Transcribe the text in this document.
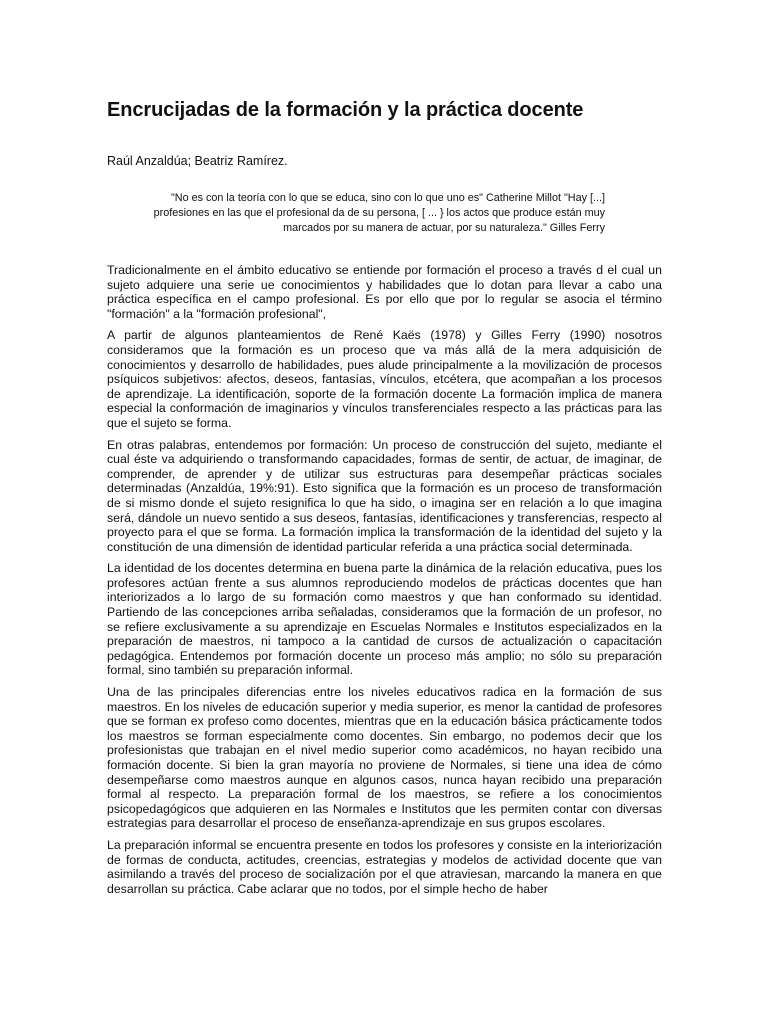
Encrucijadas de la formación y la práctica docente

Raúl Anzaldúa; Beatriz Ramírez.

"No es con la teoría con lo que se educa, sino con lo que uno es" Catherine Millot "Hay [...] profesiones en las que el profesional da de su persona, [ ... } los actos que produce están muy marcados por su manera de actuar, por su naturaleza." Gilles Ferry

Tradicionalmente en el ámbito educativo se entiende por formación el proceso a través d el cual un sujeto adquiere una serie ue conocimientos y habilidades que lo dotan para llevar a cabo una práctica específica en el campo profesional. Es por ello que por lo regular se asocia el término "formación" a la "formación profesional",

A partir de algunos planteamientos de René Kaës (1978) y Gilles Ferry (1990) nosotros consideramos que la formación es un proceso que va más allá de la mera adquisición de conocimientos y desarrollo de habilidades, pues alude principalmente a la movilización de procesos psíquicos subjetivos: afectos, deseos, fantasías, vínculos, etcétera, que acompañan a los procesos de aprendizaje. La identificación, soporte de la formación docente La formación implica de manera especial la conformación de imaginarios y vínculos transferenciales respecto a las prácticas para las que el sujeto se forma.

En otras palabras, entendemos por formación: Un proceso de construcción del sujeto, mediante el cual éste va adquiriendo o transformando capacidades, formas de sentir, de actuar, de imaginar, de comprender, de aprender y de utilizar sus estructuras para desempeñar prácticas sociales determinadas (Anzaldúa, 19%:91). Esto significa que la formación es un proceso de transformación de si mismo donde el sujeto resignifica lo que ha sido, o imagina ser en relación a lo que imagina será, dándole un nuevo sentido a sus deseos, fantasías, identificaciones y transferencias, respecto al proyecto para el que se forma. La formación implica la transformación de la identidad del sujeto y la constitución de una dimensión de identidad particular referida a una práctica social determinada.

La identidad de los docentes determina en buena parte la dinámica de la relación educativa, pues los profesores actúan frente a sus alumnos reproduciendo modelos de prácticas docentes que han interiorizados a lo largo de su formación como maestros y que han conformado su identidad. Partiendo de las concepciones arriba señaladas, consideramos que la formación de un profesor, no se refiere exclusivamente a su aprendizaje en Escuelas Normales e Institutos especializados en la preparación de maestros, ni tampoco a la cantidad de cursos de actualización o capacitación pedagógica. Entendemos por formación docente un proceso más amplio; no sólo su preparación formal, sino también su preparación informal.

Una de las principales diferencias entre los niveles educativos radica en la formación de sus maestros. En los niveles de educación superior y media superior, es menor la cantidad de profesores que se forman ex profeso como docentes, mientras que en la educación básica prácticamente todos los maestros se forman especialmente como docentes. Sin embargo, no podemos decir que los profesionistas que trabajan en el nivel medio superior como académicos, no hayan recibido una formación docente. Si bien la gran mayoría no proviene de Normales, si tiene una idea de cómo desempeñarse como maestros aunque en algunos casos, nunca hayan recibido una preparación formal al respecto. La preparación formal de los maestros, se refiere a los conocimientos psicopedagógicos que adquieren en las Normales e Institutos que les permiten contar con diversas estrategias para desarrollar el proceso de enseñanza-aprendizaje en sus grupos escolares.

La preparación informal se encuentra presente en todos los profesores y consiste en la interiorización de formas de conducta, actitudes, creencias, estrategias y modelos de actividad docente que van asimilando a través del proceso de socialización por el que atraviesan, marcando la manera en que desarrollan su práctica. Cabe aclarar que no todos, por el simple hecho de haber
